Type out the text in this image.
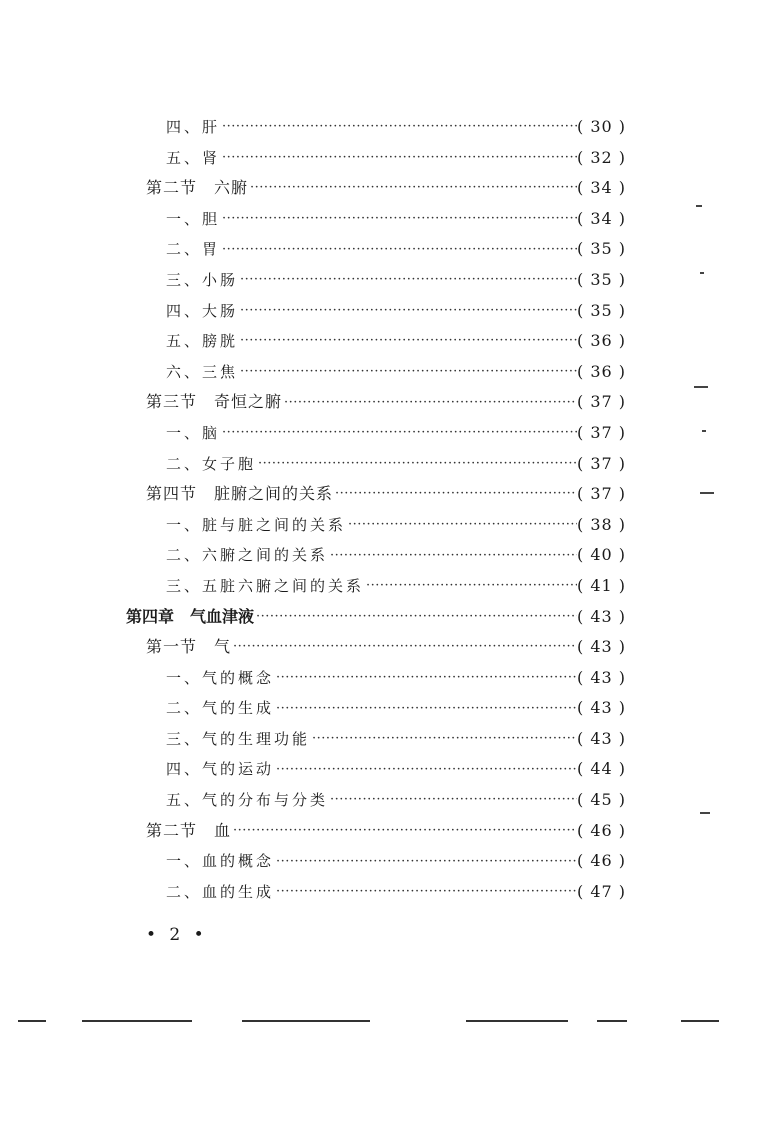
四、肝 ·····	( 30 )
五、肾 ·····	( 32 )
第二节　六腑 ·····	( 34 )
一、胆 ·····	( 34 )
二、胃 ·····	( 35 )
三、小肠 ·····	( 35 )
四、大肠 ·····	( 35 )
五、膀胱 ·····	( 36 )
六、三焦 ·····	( 36 )
第三节　奇恒之腑 ·····	( 37 )
一、脑 ·····	( 37 )
二、女子胞 ·····	( 37 )
第四节　脏腑之间的关系 ·····	( 37 )
一、脏与脏之间的关系 ·····	( 38 )
二、六腑之间的关系 ·····	( 40 )
三、五脏六腑之间的关系 ·····	( 41 )
第四章　气血津液 ·····	( 43 )
第一节　气 ·····	( 43 )
一、气的概念 ·····	( 43 )
二、气的生成 ·····	( 43 )
三、气的生理功能 ·····	( 43 )
四、气的运动 ·····	( 44 )
五、气的分布与分类 ·····	( 45 )
第二节　血 ·····	( 46 )
一、血的概念 ·····	( 46 )
二、血的生成 ·····	( 47 )
• 2 •
